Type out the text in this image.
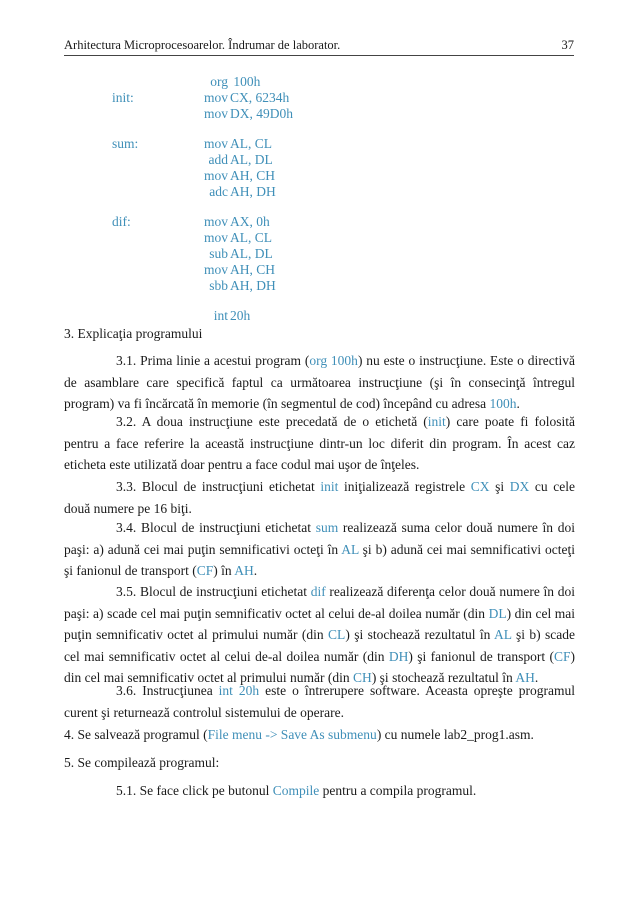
Arhitectura Microprocesoarelor. Îndrumar de laborator.	37
org 100h
init:	mov CX, 6234h
mov DX, 49D0h
sum:	mov AL, CL
add AL, DL
mov AH, CH
adc AH, DH
dif:	mov AX, 0h
mov AL, CL
sub AL, DL
mov AH, CH
sbb AH, DH
int 20h

3. Explicaţia programului

3.1. Prima linie a acestui program (org 100h) nu este o instrucţiune. Este o directivă de asamblare care specifică faptul ca următoarea instrucţiune (şi în consecinţă întregul program) va fi încărcată în memorie (în segmentul de cod) începând cu adresa 100h.

3.2. A doua instrucţiune este precedată de o etichetă (init) care poate fi folosită pentru a face referire la această instrucţiune dintr-un loc diferit din program. În acest caz eticheta este utilizată doar pentru a face codul mai uşor de înţeles.

3.3. Blocul de instrucţiuni etichetat init iniţializează registrele CX şi DX cu cele două numere pe 16 biţi.

3.4. Blocul de instrucţiuni etichetat sum realizează suma celor două numere în doi paşi: a) adună cei mai puţin semnificativi octeţi în AL şi b) adună cei mai semnificativi octeţi şi fanionul de transport (CF) în AH.

3.5. Blocul de instrucţiuni etichetat dif realizează diferenţa celor două numere în doi paşi: a) scade cel mai puţin semnificativ octet al celui de-al doilea număr (din DL) din cel mai puţin semnificativ octet al primului număr (din CL) şi stochează rezultatul în AL şi b) scade cel mai semnificativ octet al celui de-al doilea număr (din DH) şi fanionul de transport (CF) din cel mai semnificativ octet al primului număr (din CH) şi stochează rezultatul în AH.

3.6. Instrucţiunea int 20h este o întrerupere software. Aceasta opreşte programul curent şi returnează controlul sistemului de operare.

4. Se salvează programul (File menu -> Save As submenu) cu numele lab2_prog1.asm.

5. Se compilează programul:

5.1. Se face click pe butonul Compile pentru a compila programul.
